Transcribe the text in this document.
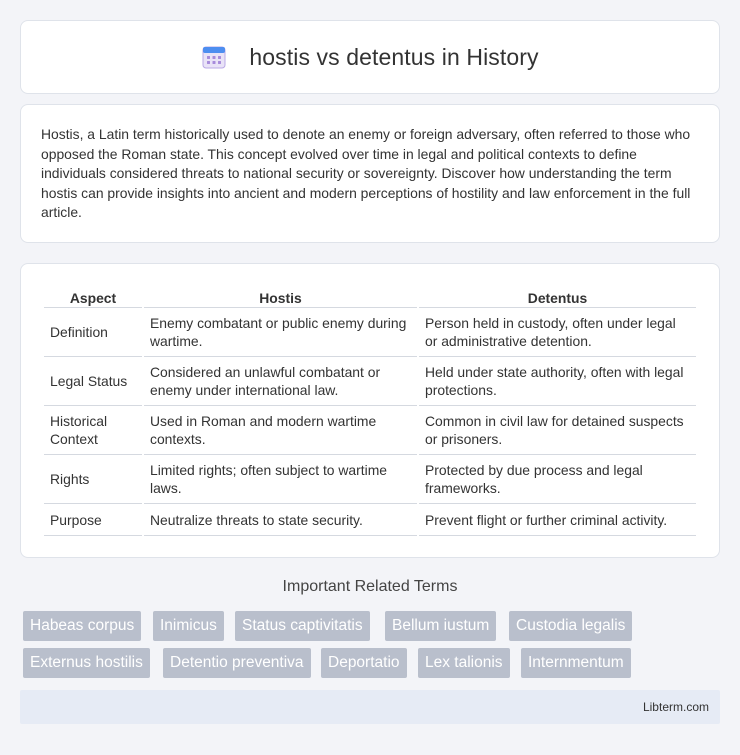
hostis vs detentus in History

Hostis, a Latin term historically used to denote an enemy or foreign adversary, often referred to those who opposed the Roman state. This concept evolved over time in legal and political contexts to define individuals considered threats to national security or sovereignty. Discover how understanding the term hostis can provide insights into ancient and modern perceptions of hostility and law enforcement in the full article.

Aspect	Hostis	Detentus
Definition	Enemy combatant or public enemy during wartime.	Person held in custody, often under legal or administrative detention.
Legal Status	Considered an unlawful combatant or enemy under international law.	Held under state authority, often with legal protections.
Historical Context	Used in Roman and modern wartime contexts.	Common in civil law for detained suspects or prisoners.
Rights	Limited rights; often subject to wartime laws.	Protected by due process and legal frameworks.
Purpose	Neutralize threats to state security.	Prevent flight or further criminal activity.
Important Related Terms
Habeas corpus	Inimicus	Status captivitatis	Bellum iustum	Custodia legalis
Externus hostilis	Detentio preventiva	Deportatio	Lex talionis	Internmentum
Libterm.com
